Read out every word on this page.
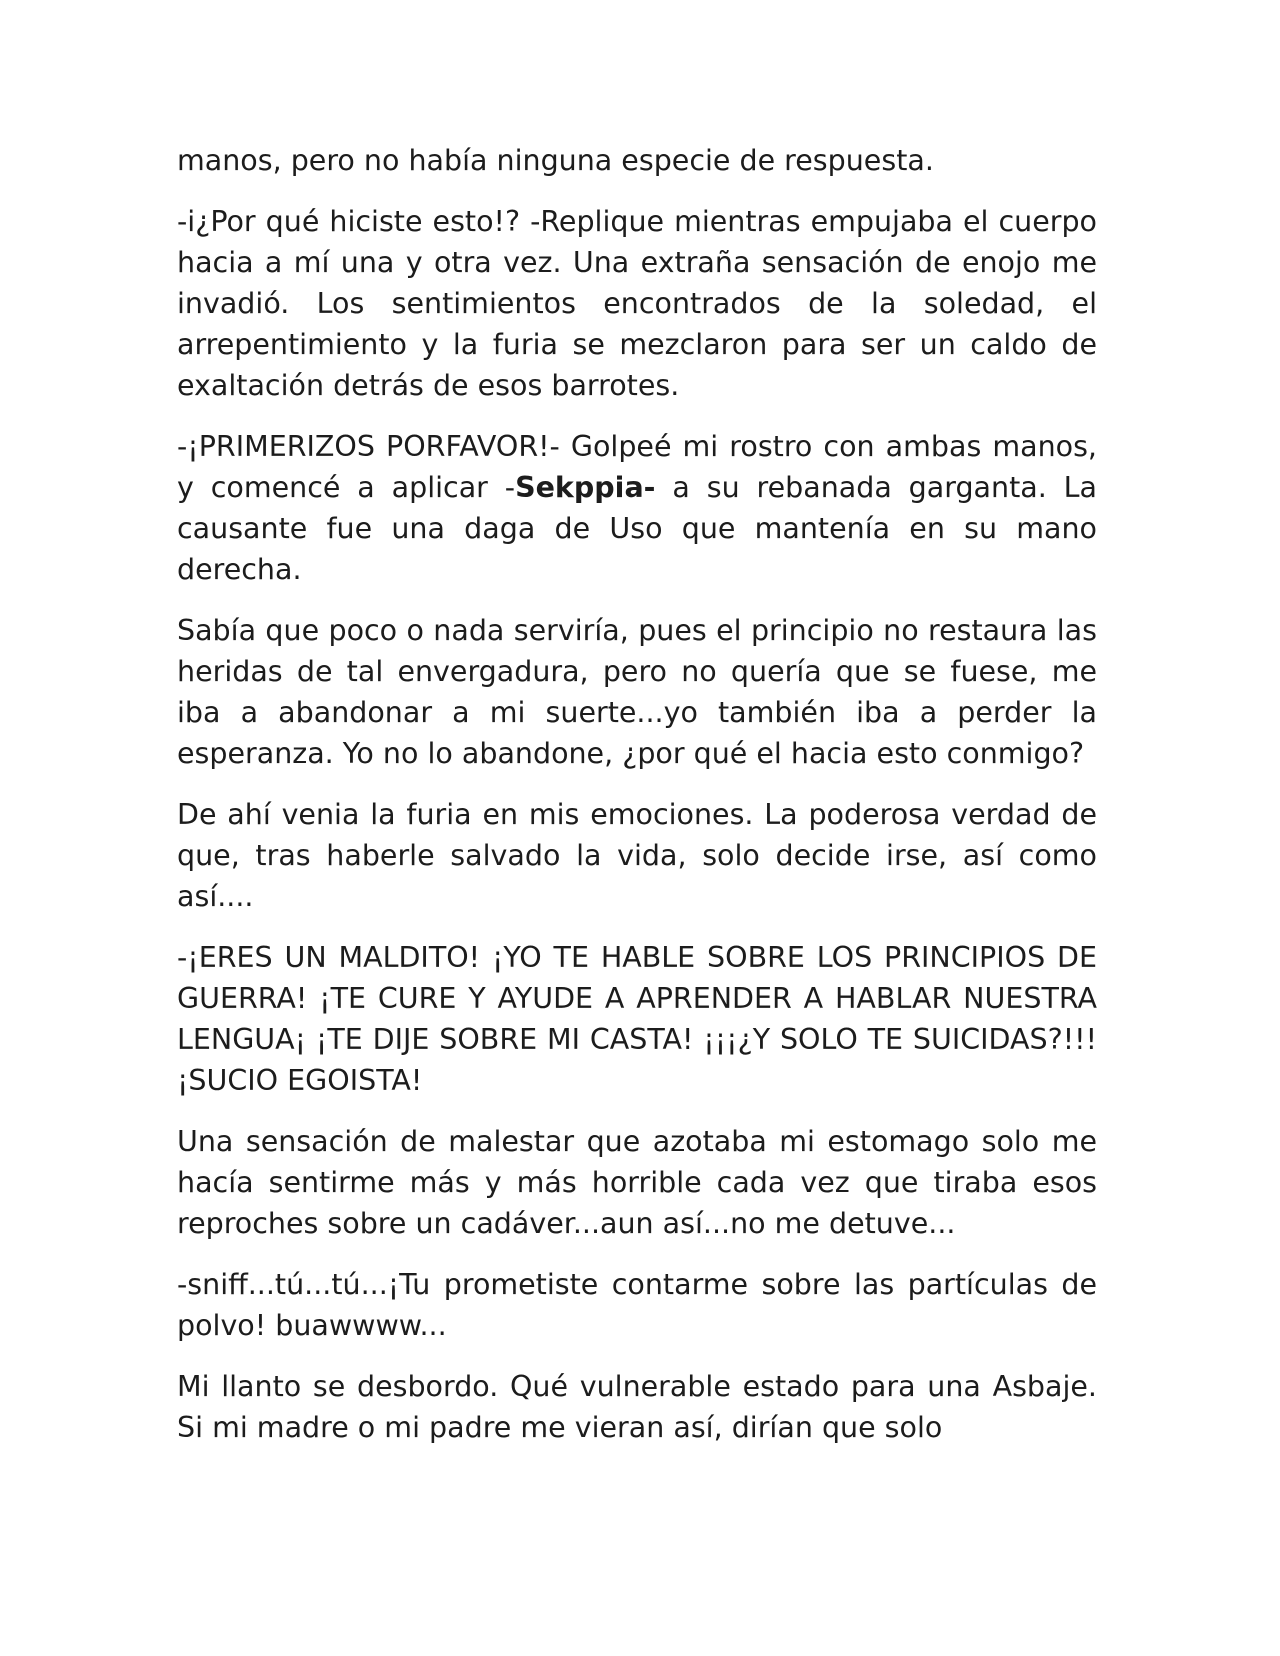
manos, pero no había ninguna especie de respuesta.

-i¿Por qué hiciste esto!? -Replique mientras empujaba el cuerpo hacia a mí una y otra vez. Una extraña sensación de enojo me invadió. Los sentimientos encontrados de la soledad, el arrepentimiento y la furia se mezclaron para ser un caldo de exaltación detrás de esos barrotes.

-¡PRIMERIZOS PORFAVOR!- Golpeé mi rostro con ambas manos, y comencé a aplicar -Sekppia- a su rebanada garganta. La causante fue una daga de Uso que mantenía en su mano derecha.

Sabía que poco o nada serviría, pues el principio no restaura las heridas de tal envergadura, pero no quería que se fuese, me iba a abandonar a mi suerte...yo también iba a perder la esperanza. Yo no lo abandone, ¿por qué el hacia esto conmigo?

De ahí venia la furia en mis emociones. La poderosa verdad de que, tras haberle salvado la vida, solo decide irse, así como así....

-¡ERES UN MALDITO! ¡YO TE HABLE SOBRE LOS PRINCIPIOS DE GUERRA! ¡TE CURE Y AYUDE A APRENDER A HABLAR NUESTRA LENGUA¡ ¡TE DIJE SOBRE MI CASTA! ¡¡¡¿Y SOLO TE SUICIDAS?!!! ¡SUCIO EGOISTA!

Una sensación de malestar que azotaba mi estomago solo me hacía sentirme más y más horrible cada vez que tiraba esos reproches sobre un cadáver...aun así...no me detuve...

-sniff...tú...tú...¡Tu prometiste contarme sobre las partículas de polvo! buawwww...

Mi llanto se desbordo. Qué vulnerable estado para una Asbaje. Si mi madre o mi padre me vieran así, dirían que solo
